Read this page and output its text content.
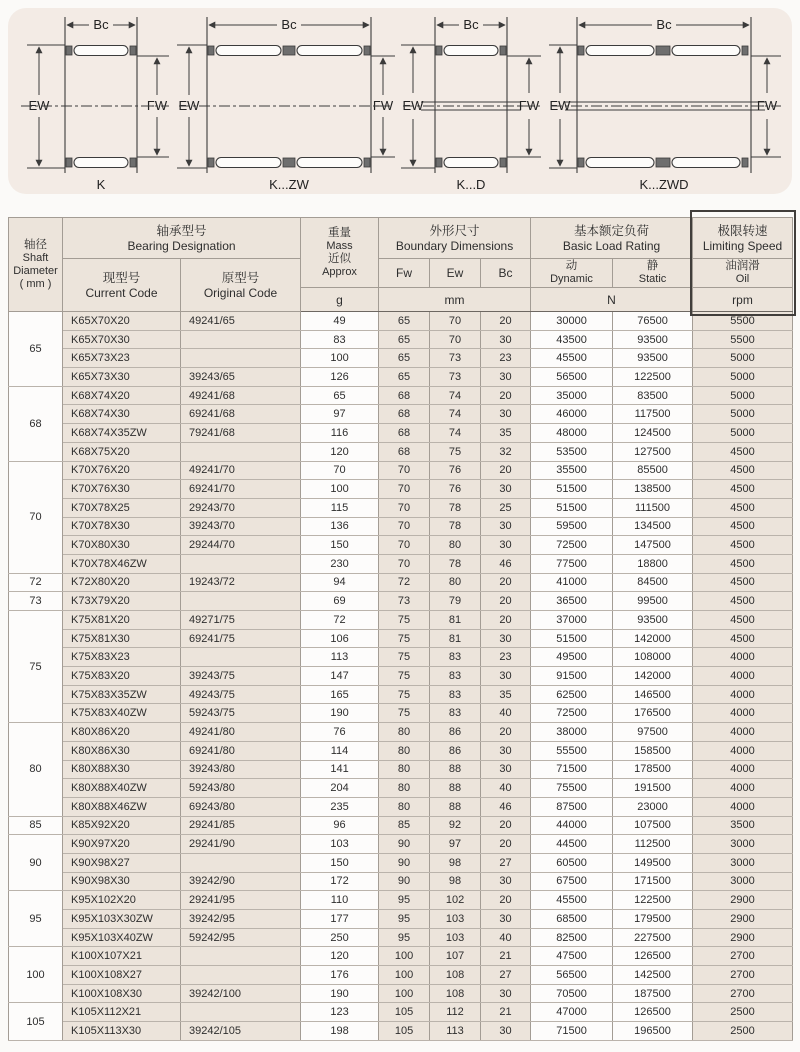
Bc
EW	FW
K
Bc
EW	FW
K...ZW
Bc
EW	FW
K...D
Bc
EW	FW
K...ZWD
轴径
Shaft
Diameter
( mm )	轴承型号
Bearing Designation		重量
Mass
近似
Approx	外形尺寸
Boundary Dimensions			基本额定负荷
Basic Load Rating		极限转速
Limiting Speed

	现型号
Current Code	原型号
Original Code		Fw	Ew	Bc	动
Dynamic	静
Static	油润滑
Oil

			g	mm			N		rpm
65	K65X70X20	49241/65	49	65	70	20	30000	76500	5500
	K65X70X30		83	65	70	30	43500	93500	5500
	K65X73X23		100	65	73	23	45500	93500	5000
	K65X73X30	39243/65	126	65	73	30	56500	122500	5000
68	K68X74X20	49241/68	65	68	74	20	35000	83500	5000
	K68X74X30	69241/68	97	68	74	30	46000	117500	5000
	K68X74X35ZW	79241/68	116	68	74	35	48000	124500	5000
	K68X75X20		120	68	75	32	53500	127500	4500
70	K70X76X20	49241/70	70	70	76	20	35500	85500	4500
	K70X76X30	69241/70	100	70	76	30	51500	138500	4500
	K70X78X25	29243/70	115	70	78	25	51500	111500	4500
	K70X78X30	39243/70	136	70	78	30	59500	134500	4500
	K70X80X30	29244/70	150	70	80	30	72500	147500	4500
	K70X78X46ZW		230	70	78	46	77500	18800	4500
72	K72X80X20	19243/72	94	72	80	20	41000	84500	4500
73	K73X79X20		69	73	79	20	36500	99500	4500
75	K75X81X20	49271/75	72	75	81	20	37000	93500	4500
	K75X81X30	69241/75	106	75	81	30	51500	142000	4500
	K75X83X23		113	75	83	23	49500	108000	4000
	K75X83X20	39243/75	147	75	83	30	91500	142000	4000
	K75X83X35ZW	49243/75	165	75	83	35	62500	146500	4000
	K75X83X40ZW	59243/75	190	75	83	40	72500	176500	4000
80	K80X86X20	49241/80	76	80	86	20	38000	97500	4000
	K80X86X30	69241/80	114	80	86	30	55500	158500	4000
	K80X88X30	39243/80	141	80	88	30	71500	178500	4000
	K80X88X40ZW	59243/80	204	80	88	40	75500	191500	4000
	K80X88X46ZW	69243/80	235	80	88	46	87500	23000	4000
85	K85X92X20	29241/85	96	85	92	20	44000	107500	3500
90	K90X97X20	29241/90	103	90	97	20	44500	112500	3000
	K90X98X27		150	90	98	27	60500	149500	3000
	K90X98X30	39242/90	172	90	98	30	67500	171500	3000
95	K95X102X20	29241/95	110	95	102	20	45500	122500	2900
	K95X103X30ZW	39242/95	177	95	103	30	68500	179500	2900
	K95X103X40ZW	59242/95	250	95	103	40	82500	227500	2900
100	K100X107X21		120	100	107	21	47500	126500	2700
	K100X108X27		176	100	108	27	56500	142500	2700
	K100X108X30	39242/100	190	100	108	30	70500	187500	2700
105	K105X112X21		123	105	112	21	47000	126500	2500
	K105X113X30	39242/105	198	105	113	30	71500	196500	2500
